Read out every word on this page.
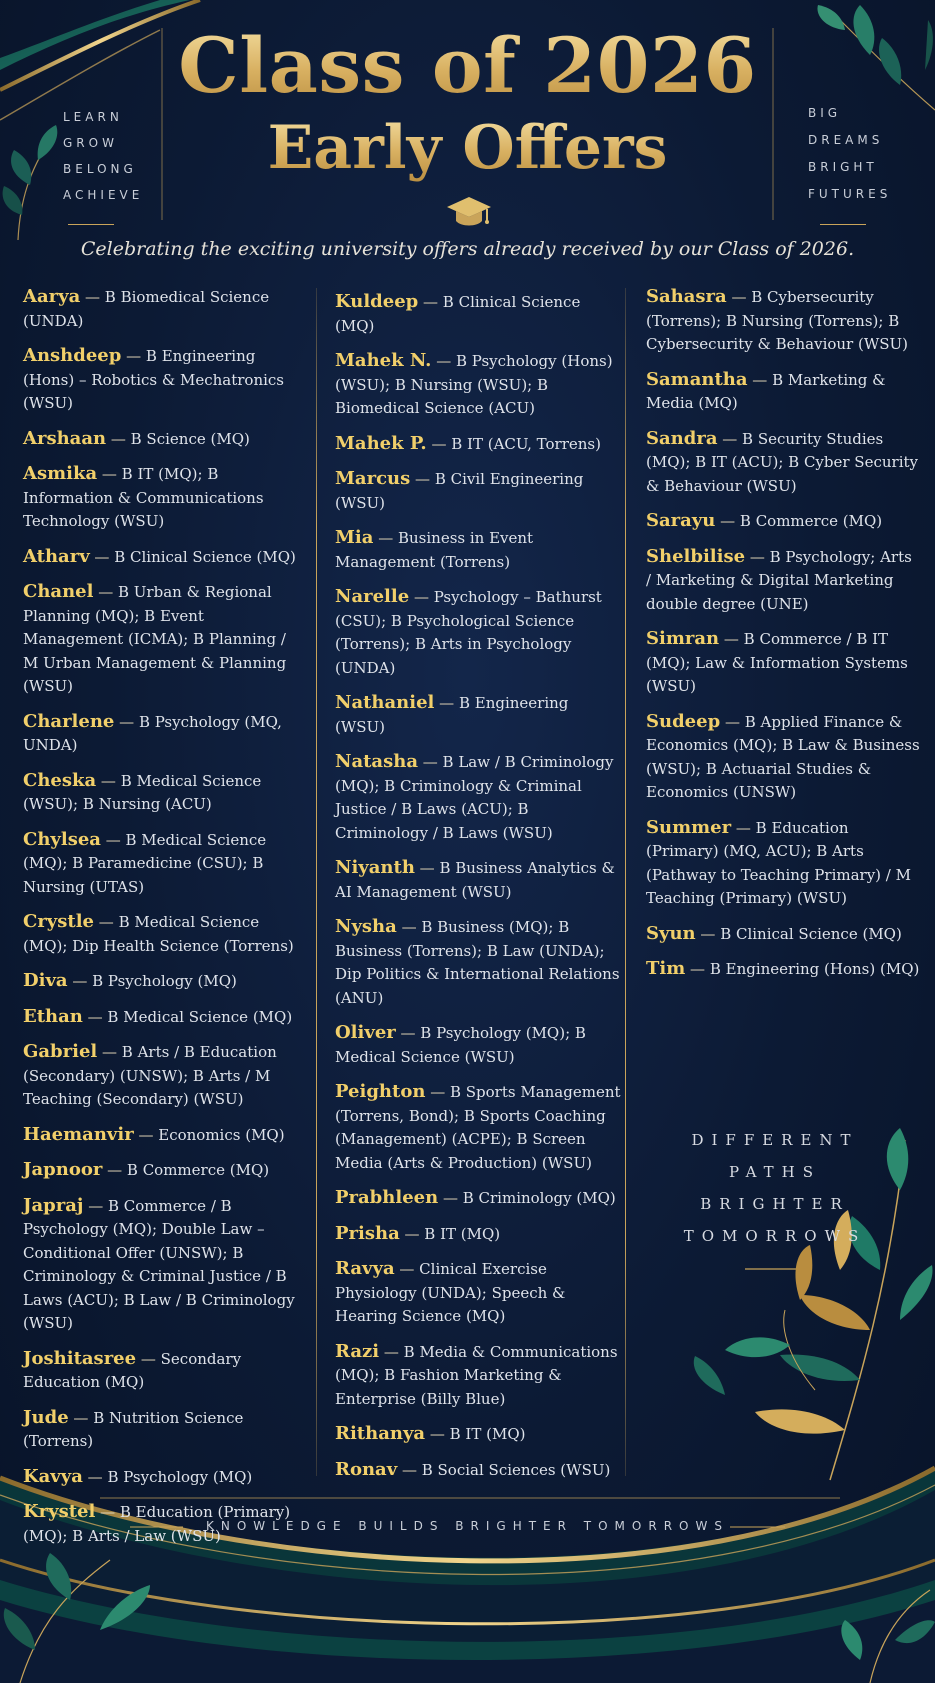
ACHIEVE	FUTURES
Class of 2026
Early Offers
Celebrating the exciting university offers already received by our Class of 2026.
Aarya — B Biomedical Science (UNDA)
Anshdeep — B Engineering (Hons) – Robotics & Mechatronics (WSU)
Arshaan — B Science (MQ)
Asmika — B IT (MQ); B Information & Communications Technology (WSU)
Atharv — B Clinical Science (MQ)
Chanel — B Urban & Regional Planning (MQ); B Event Management (ICMA); B Planning / M Urban Management & Planning (WSU)
Charlene — B Psychology (MQ, UNDA)
Cheska — B Medical Science (WSU); B Nursing (ACU)
Chylsea — B Medical Science (MQ); B Paramedicine (CSU); B Nursing (UTAS)
Crystle — B Medical Science (MQ); Dip Health Science (Torrens)
Diva — B Psychology (MQ)
Ethan — B Medical Science (MQ)
Gabriel — B Arts / B Education (Secondary) (UNSW); B Arts / M Teaching (Secondary) (WSU)
Haemanvir — Economics (MQ)
Japnoor — B Commerce (MQ)
Japraj — B Commerce / B Psychology (MQ); Double Law – Conditional Offer (UNSW); B Criminology & Criminal Justice / B Laws (ACU); B Law / B Criminology (WSU)
Joshitasree — Secondary Education (MQ)
Jude — B Nutrition Science (Torrens)
Kavya — B Psychology (MQ)
Krystel — B Education (Primary) (MQ); B Arts / Law (WSU)
Kuldeep — B Clinical Science (MQ)
Mahek N. — B Psychology (Hons) (WSU); B Nursing (WSU); B Biomedical Science (ACU)
Mahek P. — B IT (ACU, Torrens)
Marcus — B Civil Engineering (WSU)
Mia — Business in Event Management (Torrens)
Narelle — Psychology – Bathurst (CSU); B Psychological Science (Torrens); B Arts in Psychology (UNDA)
Nathaniel — B Engineering (WSU)
Natasha — B Law / B Criminology (MQ); B Criminology & Criminal Justice / B Laws (ACU); B Criminology / B Laws (WSU)
Niyanth — B Business Analytics & AI Management (WSU)
Nysha — B Business (MQ); B Business (Torrens); B Law (UNDA); Dip Politics & International Relations (ANU)
Oliver — B Psychology (MQ); B Medical Science (WSU)
Peighton — B Sports Management (Torrens, Bond); B Sports Coaching (Management) (ACPE); B Screen Media (Arts & Production) (WSU)
Prabhleen — B Criminology (MQ)
Prisha — B IT (MQ)
Ravya — Clinical Exercise Physiology (UNDA); Speech & Hearing Science (MQ)
Razi — B Media & Communications (MQ); B Fashion Marketing & Enterprise (Billy Blue)
Rithanya — B IT (MQ)
Ronav — B Social Sciences (WSU)
Sahasra — B Cybersecurity (Torrens); B Nursing (Torrens); B Cybersecurity & Behaviour (WSU)
Samantha — B Marketing & Media (MQ)
Sandra — B Security Studies (MQ); B IT (ACU); B Cyber Security & Behaviour (WSU)
Sarayu — B Commerce (MQ)
Shelbilise — B Psychology; Arts / Marketing & Digital Marketing double degree (UNE)
Simran — B Commerce / B IT (MQ); Law & Information Systems (WSU)
Sudeep — B Applied Finance & Economics (MQ); B Law & Business (WSU); B Actuarial Studies & Economics (UNSW)
Summer — B Education (Primary) (MQ, ACU); B Arts (Pathway to Teaching Primary) / M Teaching (Primary) (WSU)
Syun — B Clinical Science (MQ)
Tim — B Engineering (Hons) (MQ)
DIFFERENT
PATHS
BRIGHTER
TOMORROWS
KNOWLEDGE BUILDS BRIGHTER TOMORROWS
